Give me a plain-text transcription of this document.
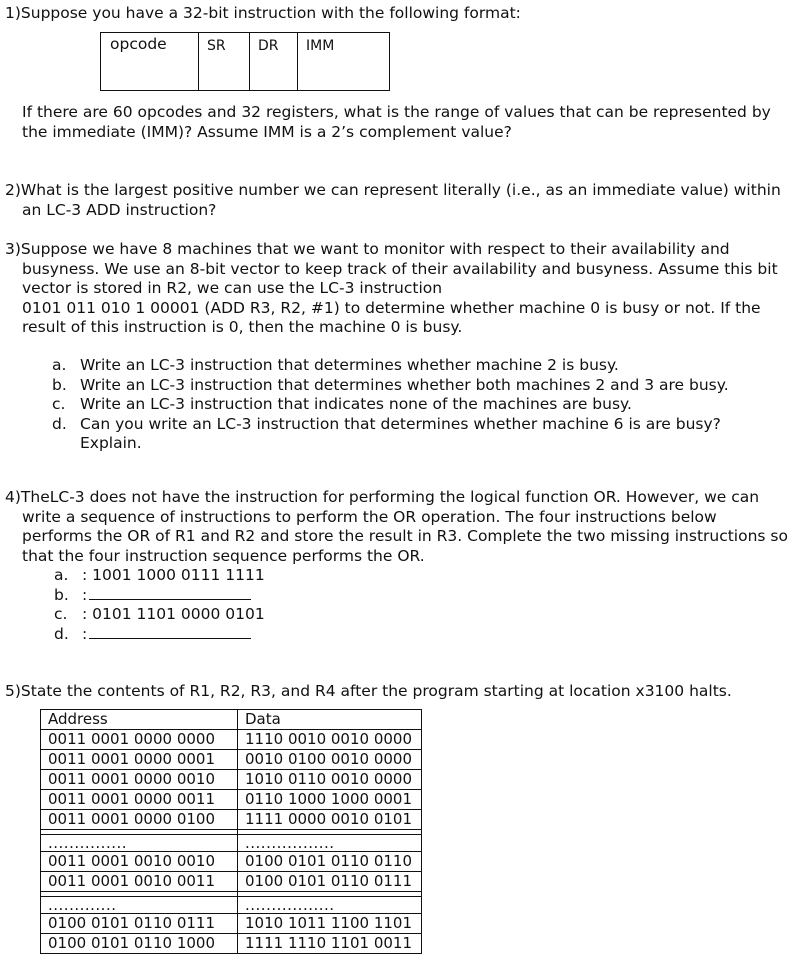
1)Suppose you have a 32-bit instruction with the following format:
opcode	SR DR IMM
If there are 60 opcodes and 32 registers, what is the range of values that can be represented by
the immediate (IMM)? Assume IMM is a 2’s complement value?
2)What is the largest positive number we can represent literally (i.e., as an immediate value) within
an LC-3 ADD instruction?
3)Suppose we have 8 machines that we want to monitor with respect to their availability and
busyness. We use an 8-bit vector to keep track of their availability and busyness. Assume this bit
vector is stored in R2, we can use the LC-3 instruction
0101 011 010 1 00001 (ADD R3, R2, #1) to determine whether machine 0 is busy or not. If the
result of this instruction is 0, then the machine 0 is busy.
a. Write an LC-3 instruction that determines whether machine 2 is busy.
b. Write an LC-3 instruction that determines whether both machines 2 and 3 are busy.
c. Write an LC-3 instruction that indicates none of the machines are busy.
d. Can you write an LC-3 instruction that determines whether machine 6 is are busy?
Explain.
4)TheLC-3 does not have the instruction for performing the logical function OR. However, we can
write a sequence of instructions to perform the OR operation. The four instructions below
performs the OR of R1 and R2 and store the result in R3. Complete the two missing instructions so
that the four instruction sequence performs the OR.
a. : 1001 1000 0111 1111
b. :
c. : 0101 1101 0000 0101
d. :
5)State the contents of R1, R2, R3, and R4 after the program starting at location x3100 halts.
Address	Data
0011 0001 0000 0000	1110 0010 0010 0000
0011 0001 0000 0001	0010 0100 0010 0000
0011 0001 0000 0010	1010 0110 0010 0000
0011 0001 0000 0011	0110 1000 1000 0001
0011 0001 0000 0100	1111 0000 0010 0101

...............	.................
0011 0001 0010 0010	0100 0101 0110 0110
0011 0001 0010 0011	0100 0101 0110 0111

.............	.................
0100 0101 0110 0111	1010 1011 1100 1101
0100 0101 0110 1000	1111 1110 1101 0011
